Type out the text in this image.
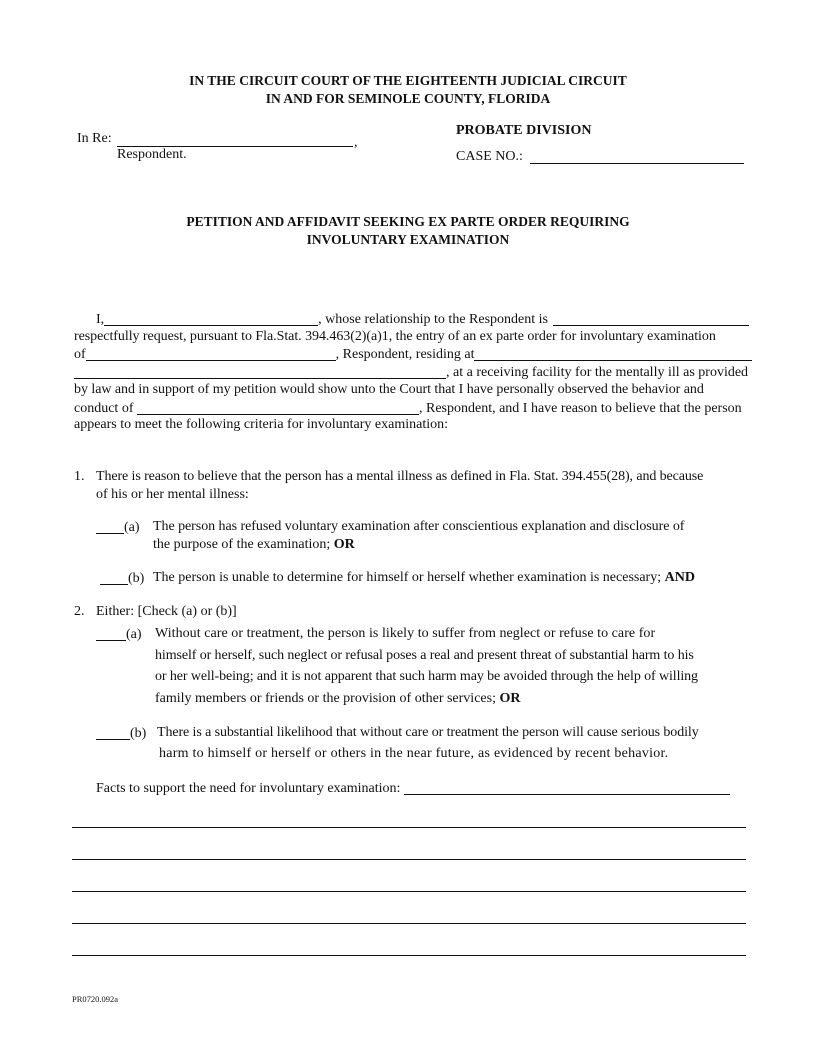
IN THE CIRCUIT COURT OF THE EIGHTEENTH JUDICIAL CIRCUIT
IN AND FOR SEMINOLE COUNTY, FLORIDA
In Re:	,
Respondent.
PROBATE DIVISION
CASE NO.:
PETITION AND AFFIDAVIT SEEKING EX PARTE ORDER REQUIRING
INVOLUNTARY EXAMINATION
I,	, whose relationship to the Respondent is
respectfully request, pursuant to Fla.Stat. 394.463(2)(a)1, the entry of an ex parte order for involuntary examination
of	, Respondent, residing at
, at a receiving facility for the mentally ill as provided
by law and in support of my petition would show unto the Court that I have personally observed the behavior and
conduct of	, Respondent, and I have reason to believe that the person
appears to meet the following criteria for involuntary examination:
1. There is reason to believe that the person has a mental illness as defined in Fla. Stat. 394.455(28), and because
of his or her mental illness:
(a) The person has refused voluntary examination after conscientious explanation and disclosure of
the purpose of the examination; OR
(b) The person is unable to determine for himself or herself whether examination is necessary; AND
2. Either: [Check (a) or (b)]
(a) Without care or treatment, the person is likely to suffer from neglect or refuse to care for
himself or herself, such neglect or refusal poses a real and present threat of substantial harm to his
or her well-being; and it is not apparent that such harm may be avoided through the help of willing
family members or friends or the provision of other services; OR
(b) There is a substantial likelihood that without care or treatment the person will cause serious bodily
harm to himself or herself or others in the near future, as evidenced by recent behavior.
Facts to support the need for involuntary examination:
PR0720.092a
